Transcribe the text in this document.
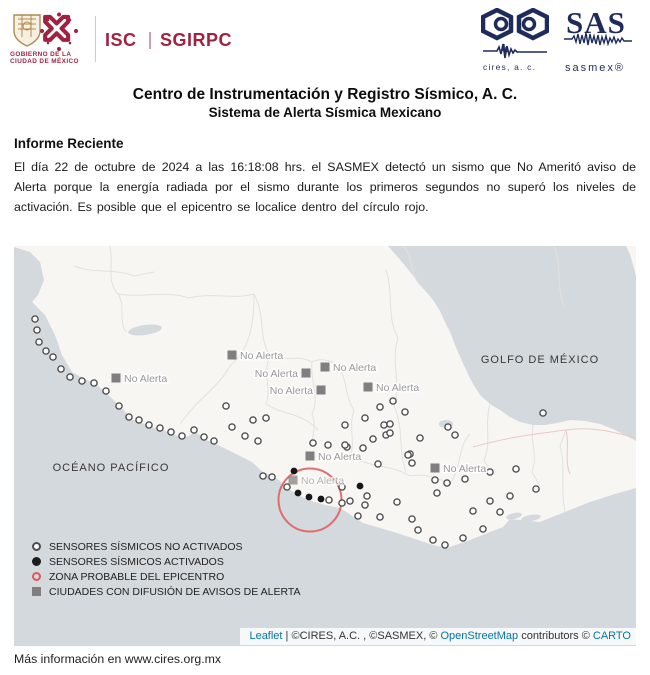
GOBIERNO DE LA
CIUDAD DE MÉXICO
ISC SGIRPC
cires, a. c.
SAS
sasmex®
Centro de Instrumentación y Registro Sísmico, A. C.
Sistema de Alerta Sísmica Mexicano
Informe Reciente
El día 22 de octubre de 2024 a las 16:18:08 hrs. el SASMEX detectó un sismo que No Ameritó aviso de Alerta porque la energía radiada por el sismo durante los primeros segundos no superó los niveles de activación. Es posible que el epicentro se localice dentro del círculo rojo.
No Alerta
No Alerta	No Alerta	No Alerta
No Alerta	No Alerta
No Alerta
No Alerta
No Alerta
GOLFO DE MÉXICO
OCÉANO PACÍFICO
SENSORES SÍSMICOS NO ACTIVADOS
SENSORES SÍSMICOS ACTIVADOS
ZONA PROBABLE DEL EPICENTRO
CIUDADES CON DIFUSIÓN DE AVISOS DE ALERTA
Leaflet | ©CIRES, A.C. , ©SASMEX, © OpenStreetMap contributors © CARTO
Más información en www.cires.org.mx
